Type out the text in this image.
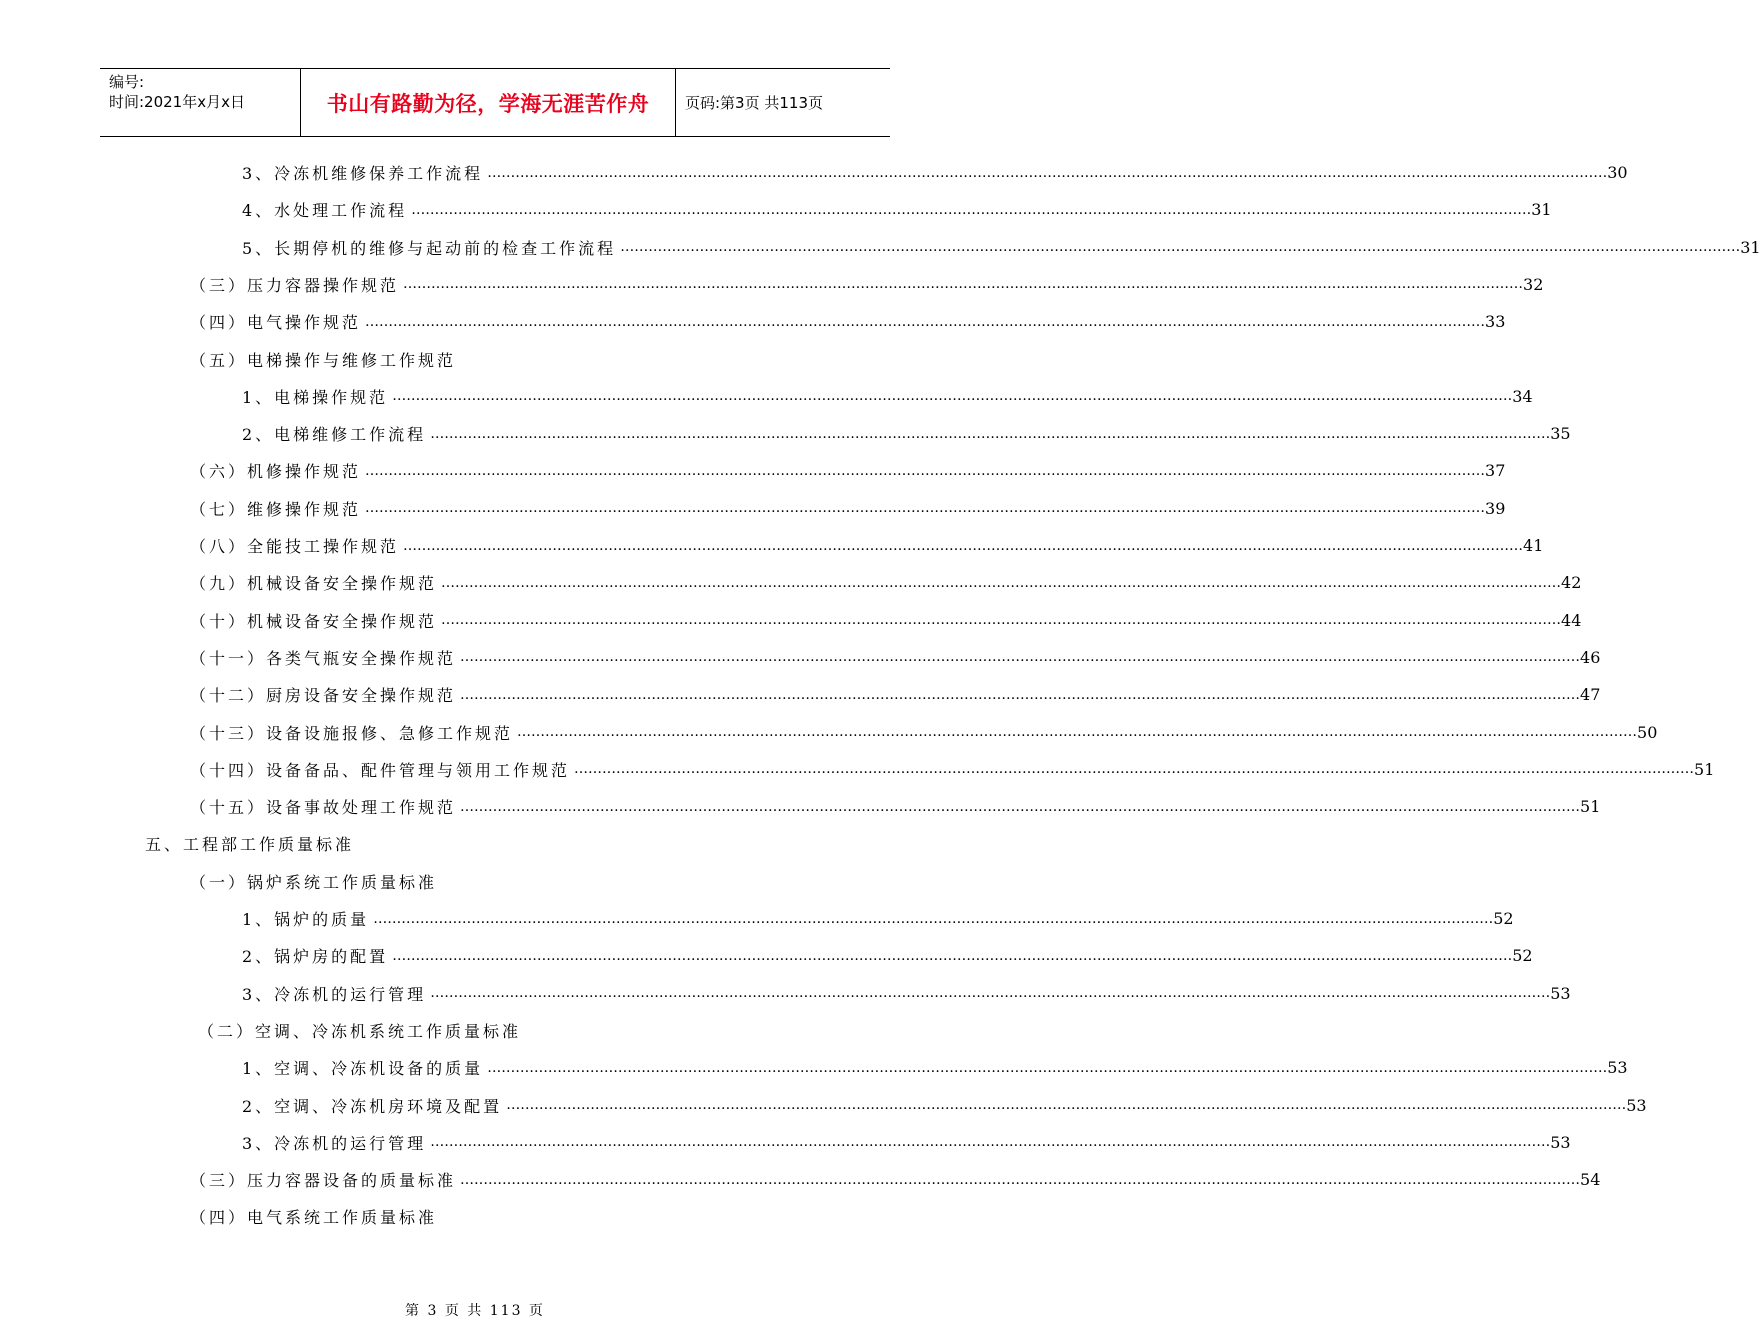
编号:
时间:2021年x月x日	书山有路勤为径，学海无涯苦作舟	页码:第3页 共113页
3、冷冻机维修保养工作流程 …………………………………………………………………………………………………………………………………………………………………………………………………………………… 30
4、水处理工作流程 …………………………………………………………………………………………………………………………………………………………………………………………………………………… 31
5、长期停机的维修与起动前的检查工作流程 …………………………………………………………………………………………………………………………………………………………………………………………………………………… 31
（三）压力容器操作规范 …………………………………………………………………………………………………………………………………………………………………………………………………………………… 32
（四）电气操作规范 …………………………………………………………………………………………………………………………………………………………………………………………………………………… 33
（五）电梯操作与维修工作规范
1、电梯操作规范 …………………………………………………………………………………………………………………………………………………………………………………………………………………… 34
2、电梯维修工作流程 …………………………………………………………………………………………………………………………………………………………………………………………………………………… 35
（六）机修操作规范 …………………………………………………………………………………………………………………………………………………………………………………………………………………… 37
（七）维修操作规范 …………………………………………………………………………………………………………………………………………………………………………………………………………………… 39
（八）全能技工操作规范 …………………………………………………………………………………………………………………………………………………………………………………………………………………… 41
（九）机械设备安全操作规范 …………………………………………………………………………………………………………………………………………………………………………………………………………………… 42
（十）机械设备安全操作规范 …………………………………………………………………………………………………………………………………………………………………………………………………………………… 44
（十一）各类气瓶安全操作规范 …………………………………………………………………………………………………………………………………………………………………………………………………………………… 46
（十二）厨房设备安全操作规范 …………………………………………………………………………………………………………………………………………………………………………………………………………………… 47
（十三）设备设施报修、急修工作规范 …………………………………………………………………………………………………………………………………………………………………………………………………………………… 50
（十四）设备备品、配件管理与领用工作规范 …………………………………………………………………………………………………………………………………………………………………………………………………………………… 51
（十五）设备事故处理工作规范 …………………………………………………………………………………………………………………………………………………………………………………………………………………… 51
五、工程部工作质量标准
（一）锅炉系统工作质量标准
1、锅炉的质量 …………………………………………………………………………………………………………………………………………………………………………………………………………………… 52
2、锅炉房的配置 …………………………………………………………………………………………………………………………………………………………………………………………………………………… 52
3、冷冻机的运行管理 …………………………………………………………………………………………………………………………………………………………………………………………………………………… 53
（二）空调、冷冻机系统工作质量标准
1、空调、冷冻机设备的质量 …………………………………………………………………………………………………………………………………………………………………………………………………………………… 53
2、空调、冷冻机房环境及配置 …………………………………………………………………………………………………………………………………………………………………………………………………………………… 53
3、冷冻机的运行管理 …………………………………………………………………………………………………………………………………………………………………………………………………………………… 53
（三）压力容器设备的质量标准 …………………………………………………………………………………………………………………………………………………………………………………………………………………… 54
（四）电气系统工作质量标准
第 3 页 共 113 页
